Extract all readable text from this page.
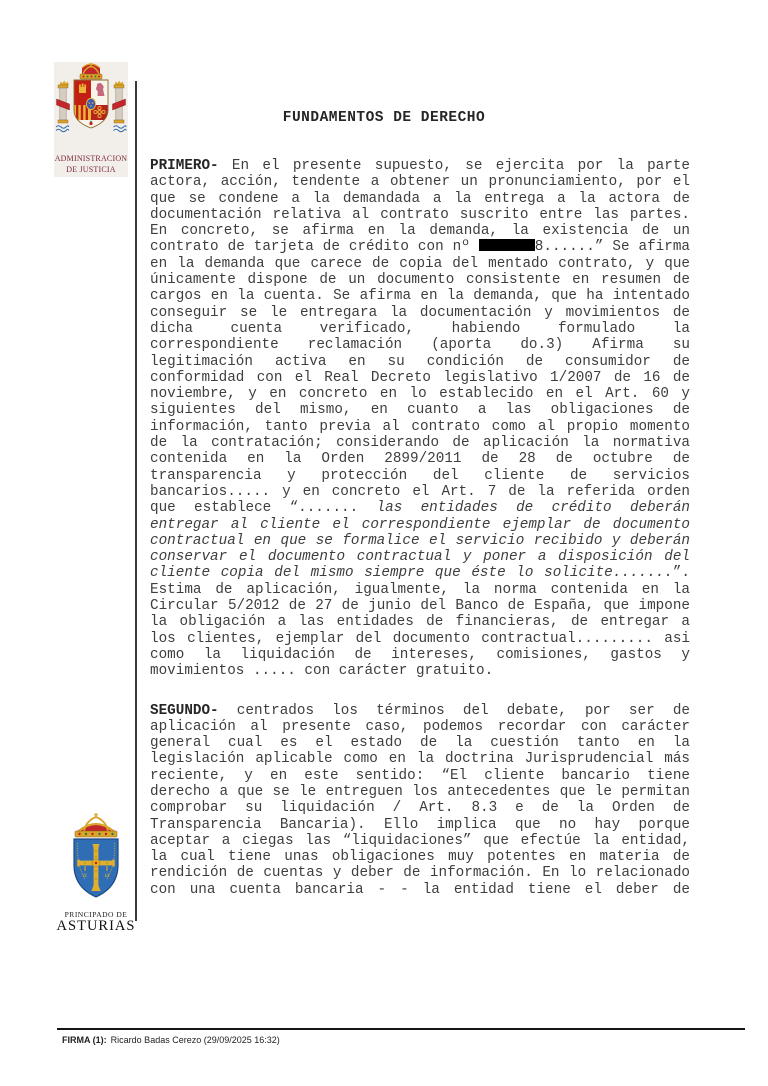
ADMINISTRACION
DE JUSTICIA
FUNDAMENTOS DE DERECHO
PRIMERO- En el presente supuesto, se ejercita por la parte
actora, acción, tendente a obtener un pronunciamiento, por el
que se condene a la demandada a la entrega a la actora de
documentación relativa al contrato suscrito entre las partes.
En concreto, se afirma en la demanda, la existencia de un
contrato de tarjeta de crédito con nº	8......” Se afirma
en la demanda que carece de copia del mentado contrato, y que
únicamente dispone de un documento consistente en resumen de
cargos en la cuenta. Se afirma en la demanda, que ha intentado
conseguir se le entregara la documentación y movimientos de
dicha cuenta verificado, habiendo formulado la
correspondiente reclamación (aporta do.3) Afirma su
legitimación activa en su condición de consumidor de
conformidad con el Real Decreto legislativo 1/2007 de 16 de
noviembre, y en concreto en lo establecido en el Art. 60 y
siguientes del mismo, en cuanto a las obligaciones de
información, tanto previa al contrato como al propio momento
de la contratación; considerando de aplicación la normativa
contenida en la Orden 2899/2011 de 28 de octubre de
transparencia y protección del cliente de servicios
bancarios..... y en concreto el Art. 7 de la referida orden
que establece “....... las entidades de crédito deberán
entregar al cliente el correspondiente ejemplar de documento
contractual en que se formalice el servicio recibido y deberán
conservar el documento contractual y poner a disposición del
cliente copia del mismo siempre que éste lo solicite.......”.
Estima de aplicación, igualmente, la norma contenida en la
Circular 5/2012 de 27 de junio del Banco de España, que impone
la obligación a las entidades de financieras, de entregar a
los clientes, ejemplar del documento contractual......... asi
como la liquidación de intereses, comisiones, gastos y
movimientos ..... con carácter gratuito.
SEGUNDO- centrados los términos del debate, por ser de
aplicación al presente caso, podemos recordar con carácter
general cual es el estado de la cuestión tanto en la
legislación aplicable como en la doctrina Jurisprudencial más
reciente, y en este sentido: “El cliente bancario tiene
derecho a que se le entreguen los antecedentes que le permitan
comprobar su liquidación / Art. 8.3 e de la Orden de
Transparencia Bancaria). Ello implica que no hay porque
aceptar a ciegas las “liquidaciones” que efectúe la entidad,
la cual tiene unas obligaciones muy potentes en materia de
rendición de cuentas y deber de información. En lo relacionado
con una cuenta bancaria - - la entidad tiene el deber de
α	ω
PRINCIPADO DE
ASTURIAS
FIRMA (1): Ricardo Badas Cerezo (29/09/2025 16:32)
